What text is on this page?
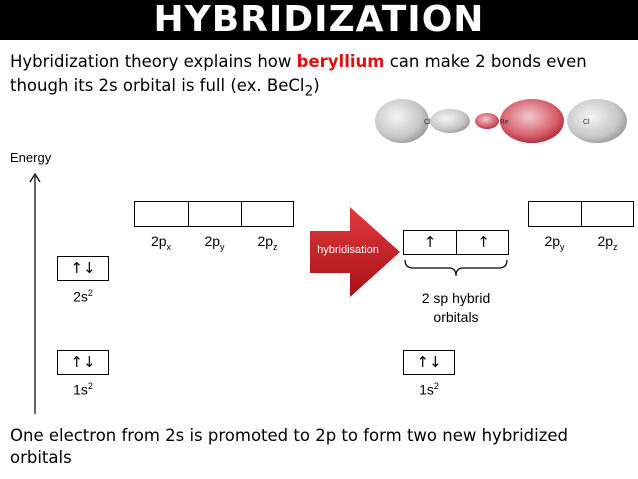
HYBRIDIZATION
Hybridization theory explains how beryllium can make 2 bonds even though its 2s orbital is full (ex. BeCl$_2$)
Cl	Be	Cl
Energy
$2p_x$	$2p_y$	$2p_z$
↑↓
$2s^2$
↑↓
$1s^2$
hybridisation	↑	↑
2 sp hybrid
orbitals
$2p_y$	$2p_z$
↑↓
$1s^2$
One electron from 2s is promoted to 2p to form two new hybridized orbitals
